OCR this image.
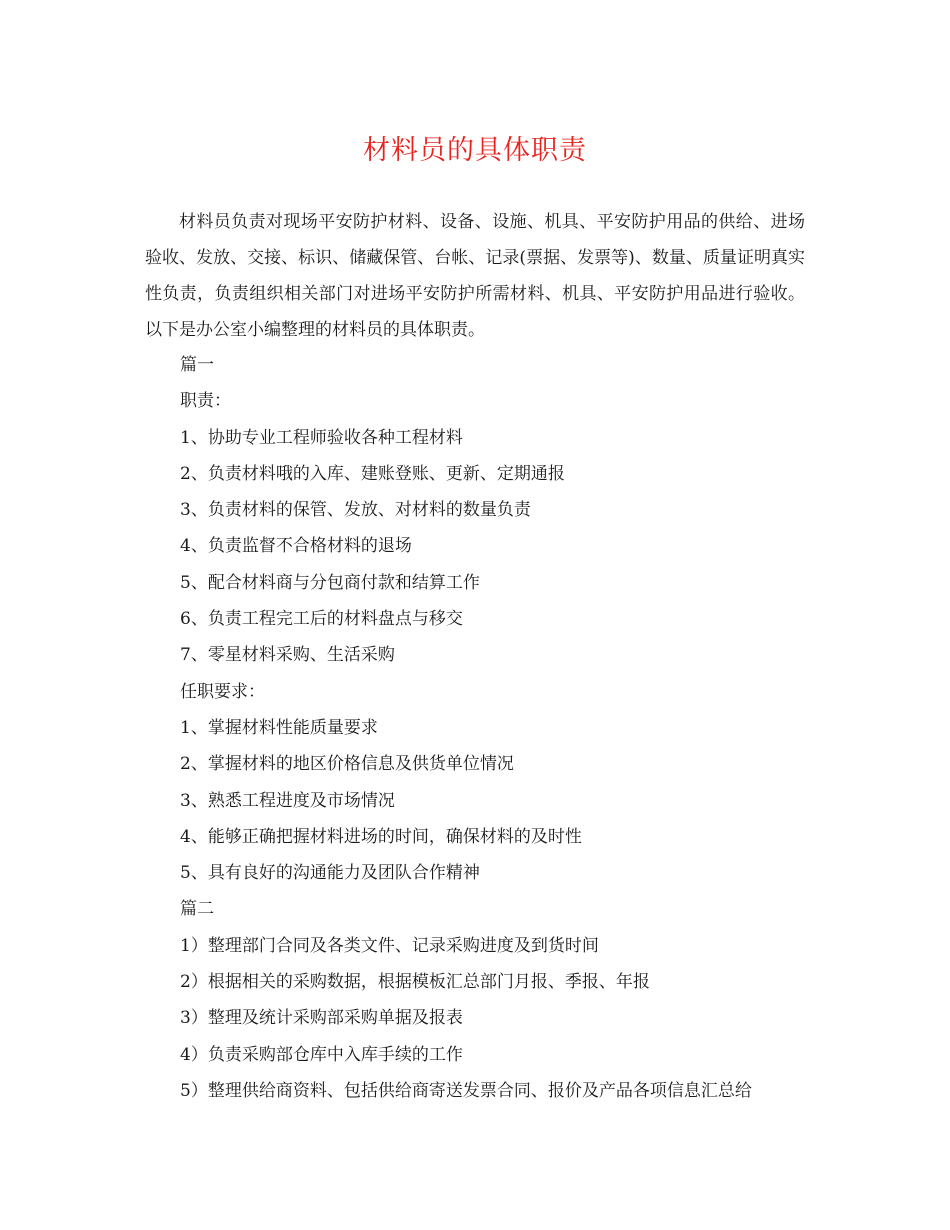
材料员的具体职责

材料员负责对现场平安防护材料、设备、设施、机具、平安防护用品的供给、进场验收、发放、交接、标识、储藏保管、台帐、记录(票据、发票等)、数量、质量证明真实性负责，负责组织相关部门对进场平安防护所需材料、机具、平安防护用品进行验收。以下是办公室小编整理的材料员的具体职责。

篇一
职责：
1、协助专业工程师验收各种工程材料
2、负责材料哦的入库、建账登账、更新、定期通报
3、负责材料的保管、发放、对材料的数量负责
4、负责监督不合格材料的退场
5、配合材料商与分包商付款和结算工作
6、负责工程完工后的材料盘点与移交
7、零星材料采购、生活采购
任职要求：
1、掌握材料性能质量要求
2、掌握材料的地区价格信息及供货单位情况
3、熟悉工程进度及市场情况
4、能够正确把握材料进场的时间，确保材料的及时性
5、具有良好的沟通能力及团队合作精神
篇二
1）整理部门合同及各类文件、记录采购进度及到货时间
2）根据相关的采购数据，根据模板汇总部门月报、季报、年报
3）整理及统计采购部采购单据及报表
4）负责采购部仓库中入库手续的工作
5）整理供给商资料、包括供给商寄送发票合同、报价及产品各项信息汇总给
